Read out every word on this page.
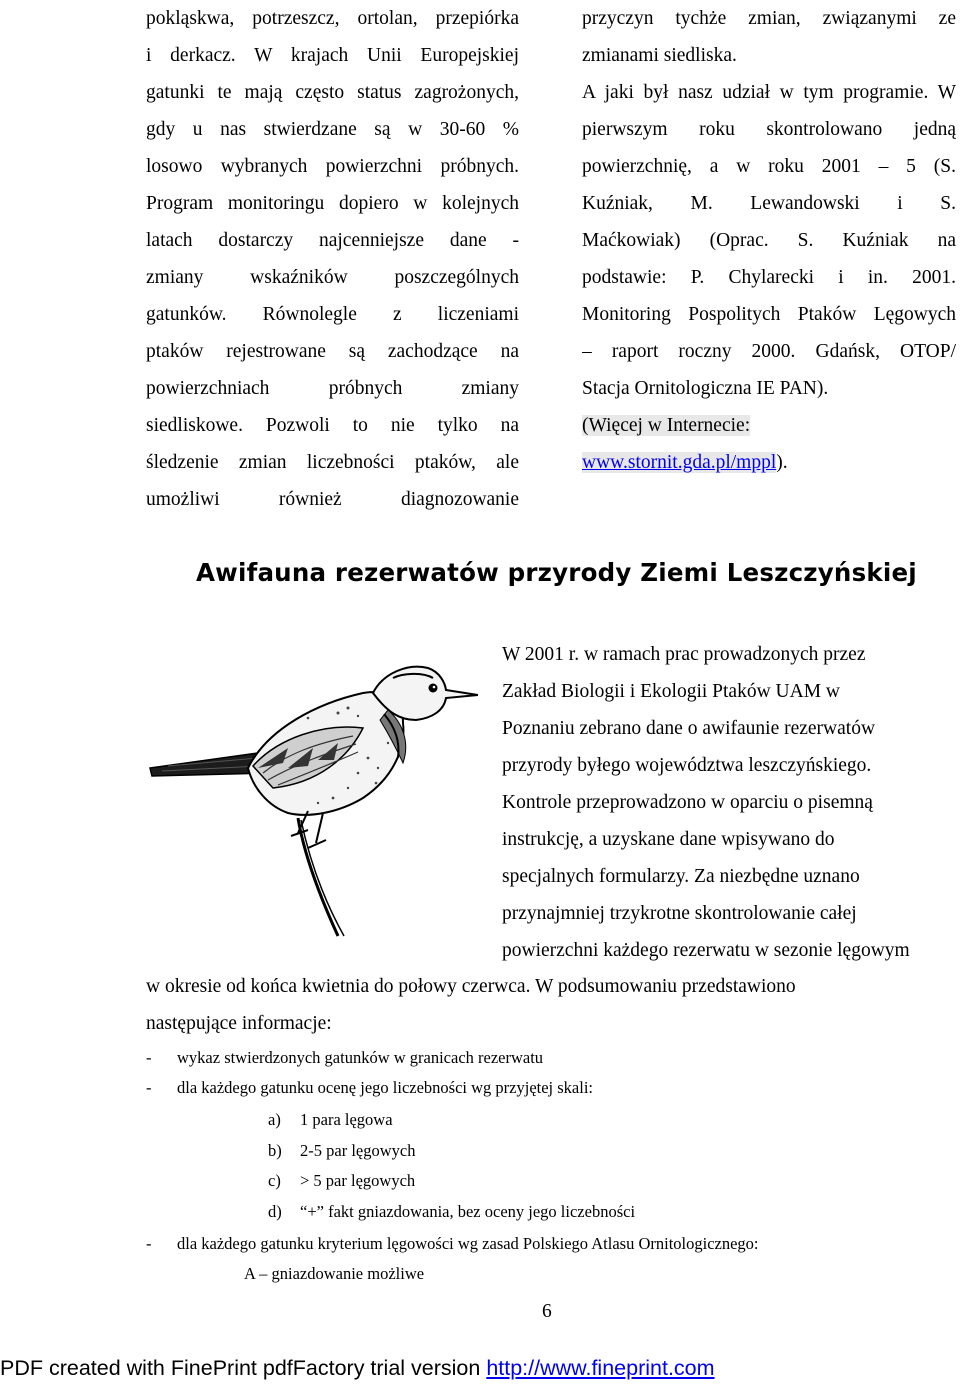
pokląskwa, potrzeszcz, ortolan, przepiórka
i derkacz. W krajach Unii Europejskiej
gatunki te mają często status zagrożonych,
gdy u nas stwierdzane są w 30-60 %
losowo wybranych powierzchni próbnych.
Program monitoringu dopiero w kolejnych
latach dostarczy najcenniejsze dane -
zmiany wskaźników poszczególnych
gatunków. Równolegle z liczeniami
ptaków rejestrowane są zachodzące na
powierzchniach próbnych zmiany
siedliskowe. Pozwoli to nie tylko na
śledzenie zmian liczebności ptaków, ale
umożliwi również diagnozowanie
przyczyn tychże zmian, związanymi ze
zmianami siedliska.
A jaki był nasz udział w tym programie. W
pierwszym roku skontrolowano jedną
powierzchnię, a w roku 2001 – 5 (S.
Kuźniak, M. Lewandowski i S.
Maćkowiak) (Oprac. S. Kuźniak na
podstawie: P. Chylarecki i in. 2001.
Monitoring Pospolitych Ptaków Lęgowych
– raport roczny 2000. Gdańsk, OTOP/
Stacja Ornitologiczna IE PAN).
(Więcej w Internecie:
www.stornit.gda.pl/mppl).
Awifauna rezerwatów przyrody Ziemi Leszczyńskiej
W 2001 r. w ramach prac prowadzonych przez
Zakład Biologii i Ekologii Ptaków UAM w
Poznaniu zebrano dane o awifaunie rezerwatów
przyrody byłego województwa leszczyńskiego.
Kontrole przeprowadzono w oparciu o pisemną
instrukcję, a uzyskane dane wpisywano do
specjalnych formularzy. Za niezbędne uznano
przynajmniej trzykrotne skontrolowanie całej
powierzchni każdego rezerwatu w sezonie lęgowym
w okresie od końca kwietnia do połowy czerwca. W podsumowaniu przedstawiono
następujące informacje:
- wykaz stwierdzonych gatunków w granicach rezerwatu
- dla każdego gatunku ocenę jego liczebności wg przyjętej skali:
a) 1 para lęgowa
b) 2-5 par lęgowych
c) > 5 par lęgowych
d) “+” fakt gniazdowania, bez oceny jego liczebności
- dla każdego gatunku kryterium lęgowości wg zasad Polskiego Atlasu Ornitologicznego:
A – gniazdowanie możliwe
6
PDF created with FinePrint pdfFactory trial version http://www.fineprint.com
